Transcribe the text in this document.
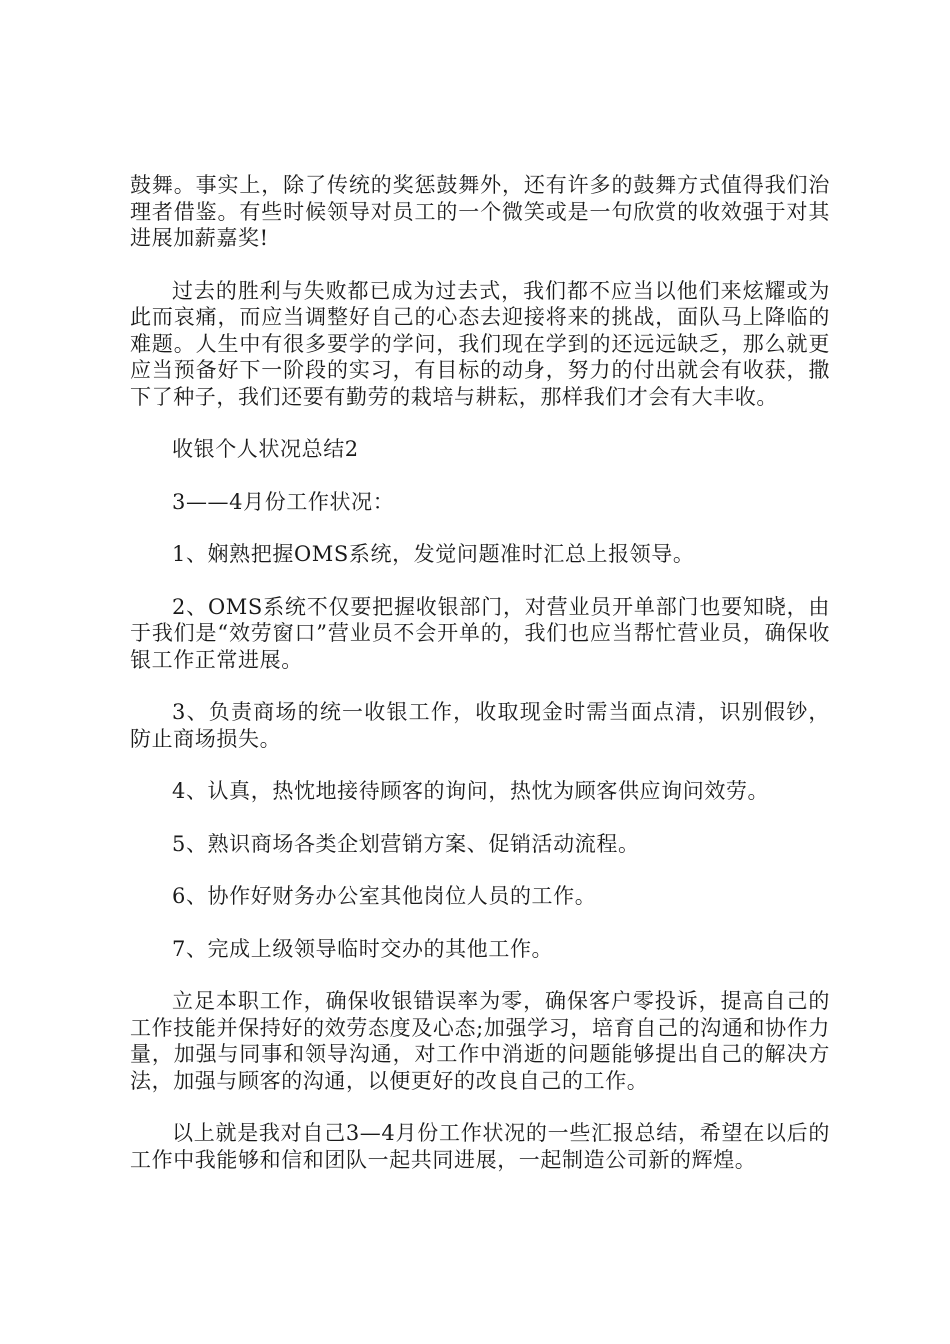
鼓舞。事实上，除了传统的奖惩鼓舞外，还有许多的鼓舞方式值得我们治理者借鉴。有些时候领导对员工的一个微笑或是一句欣赏的收效强于对其进展加薪嘉奖!

过去的胜利与失败都已成为过去式，我们都不应当以他们来炫耀或为此而哀痛，而应当调整好自己的心态去迎接将来的挑战，面队马上降临的难题。人生中有很多要学的学问，我们现在学到的还远远缺乏，那么就更应当预备好下一阶段的实习，有目标的动身，努力的付出就会有收获，撒下了种子，我们还要有勤劳的栽培与耕耘，那样我们才会有大丰收。

收银个人状况总结2

3——4月份工作状况：

1、娴熟把握OMS系统，发觉问题准时汇总上报领导。

2、OMS系统不仅要把握收银部门，对营业员开单部门也要知晓，由于我们是“效劳窗口”营业员不会开单的，我们也应当帮忙营业员，确保收银工作正常进展。

3、负责商场的统一收银工作，收取现金时需当面点清，识别假钞，防止商场损失。

4、认真，热忱地接待顾客的询问，热忱为顾客供应询问效劳。

5、熟识商场各类企划营销方案、促销活动流程。

6、协作好财务办公室其他岗位人员的工作。

7、完成上级领导临时交办的其他工作。

立足本职工作，确保收银错误率为零，确保客户零投诉，提高自己的工作技能并保持好的效劳态度及心态;加强学习，培育自己的沟通和协作力量，加强与同事和领导沟通，对工作中消逝的问题能够提出自己的解决方法，加强与顾客的沟通，以便更好的改良自己的工作。

以上就是我对自己3—4月份工作状况的一些汇报总结，希望在以后的工作中我能够和信和团队一起共同进展，一起制造公司新的辉煌。
